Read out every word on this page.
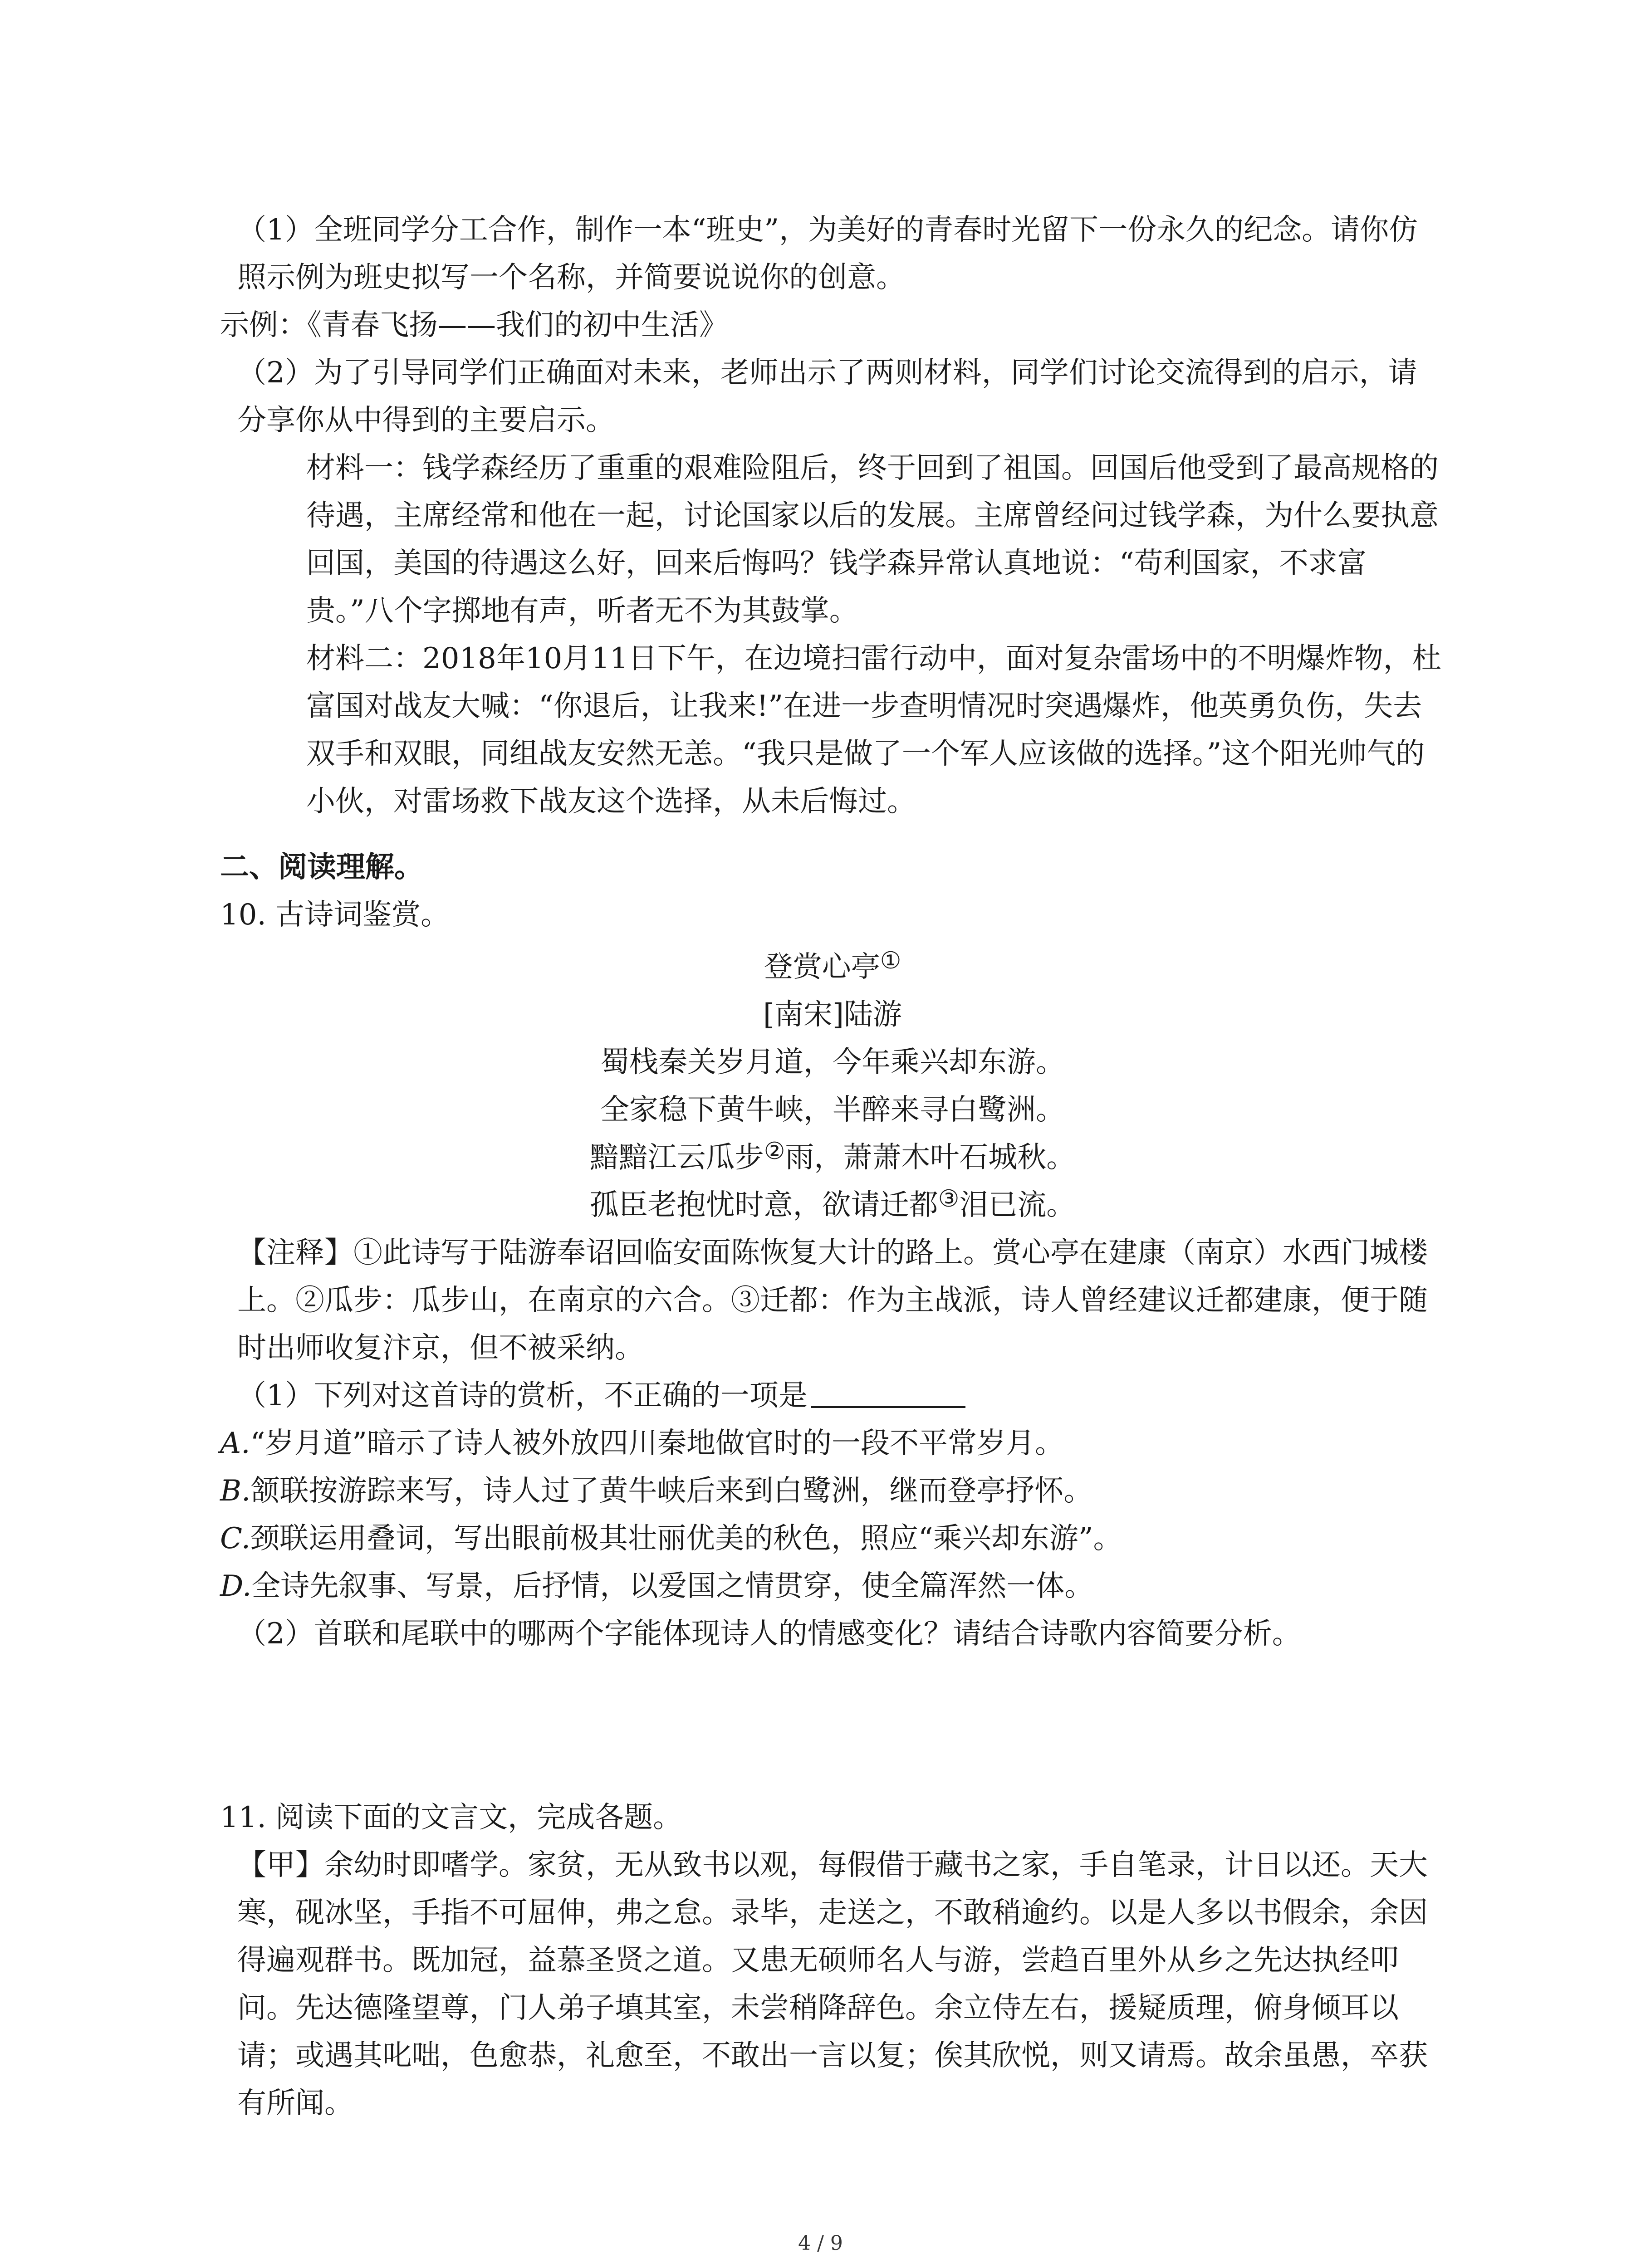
（1）全班同学分工合作，制作一本“班史”，为美好的青春时光留下一份永久的纪念。请你仿照示例为班史拟写一个名称，并简要说说你的创意。

示例：《青春飞扬——我们的初中生活》

（2）为了引导同学们正确面对未来，老师出示了两则材料，同学们讨论交流得到的启示，请分享你从中得到的主要启示。

材料一：钱学森经历了重重的艰难险阻后，终于回到了祖国。回国后他受到了最高规格的待遇，主席经常和他在一起，讨论国家以后的发展。主席曾经问过钱学森，为什么要执意回国，美国的待遇这么好，回来后悔吗？钱学森异常认真地说：“苟利国家，不求富贵。”八个字掷地有声，听者无不为其鼓掌。

材料二：2018年10月11日下午，在边境扫雷行动中，面对复杂雷场中的不明爆炸物，杜富国对战友大喊：“你退后，让我来!”在进一步查明情况时突遇爆炸，他英勇负伤，失去双手和双眼，同组战友安然无恙。“我只是做了一个军人应该做的选择。”这个阳光帅气的小伙，对雷场救下战友这个选择，从未后悔过。

二、阅读理解。

10. 古诗词鉴赏。

登赏心亭①

[南宋]陆游

蜀栈秦关岁月道，今年乘兴却东游。

全家稳下黄牛峡，半醉来寻白鹭洲。

黯黯江云瓜步②雨，萧萧木叶石城秋。

孤臣老抱忧时意，欲请迁都③泪已流。

【注释】①此诗写于陆游奉诏回临安面陈恢复大计的路上。赏心亭在建康（南京）水西门城楼上。②瓜步：瓜步山，在南京的六合。③迁都：作为主战派，诗人曾经建议迁都建康，便于随时出师收复汴京，但不被采纳。

（1）下列对这首诗的赏析，不正确的一项是

A.“岁月道”暗示了诗人被外放四川秦地做官时的一段不平常岁月。

B.颔联按游踪来写，诗人过了黄牛峡后来到白鹭洲，继而登亭抒怀。

C.颈联运用叠词，写出眼前极其壮丽优美的秋色，照应“乘兴却东游”。

D.全诗先叙事、写景，后抒情，以爱国之情贯穿，使全篇浑然一体。

（2）首联和尾联中的哪两个字能体现诗人的情感变化？请结合诗歌内容简要分析。

11. 阅读下面的文言文，完成各题。

【甲】余幼时即嗜学。家贫，无从致书以观，每假借于藏书之家，手自笔录，计日以还。天大寒，砚冰坚，手指不可屈伸，弗之怠。录毕，走送之，不敢稍逾约。以是人多以书假余，余因得遍观群书。既加冠，益慕圣贤之道。又患无硕师名人与游，尝趋百里外从乡之先达执经叩问。先达德隆望尊，门人弟子填其室，未尝稍降辞色。余立侍左右，援疑质理，俯身倾耳以请；或遇其叱咄，色愈恭，礼愈至，不敢出一言以复；俟其欣悦，则又请焉。故余虽愚，卒获有所闻。

4 / 9
